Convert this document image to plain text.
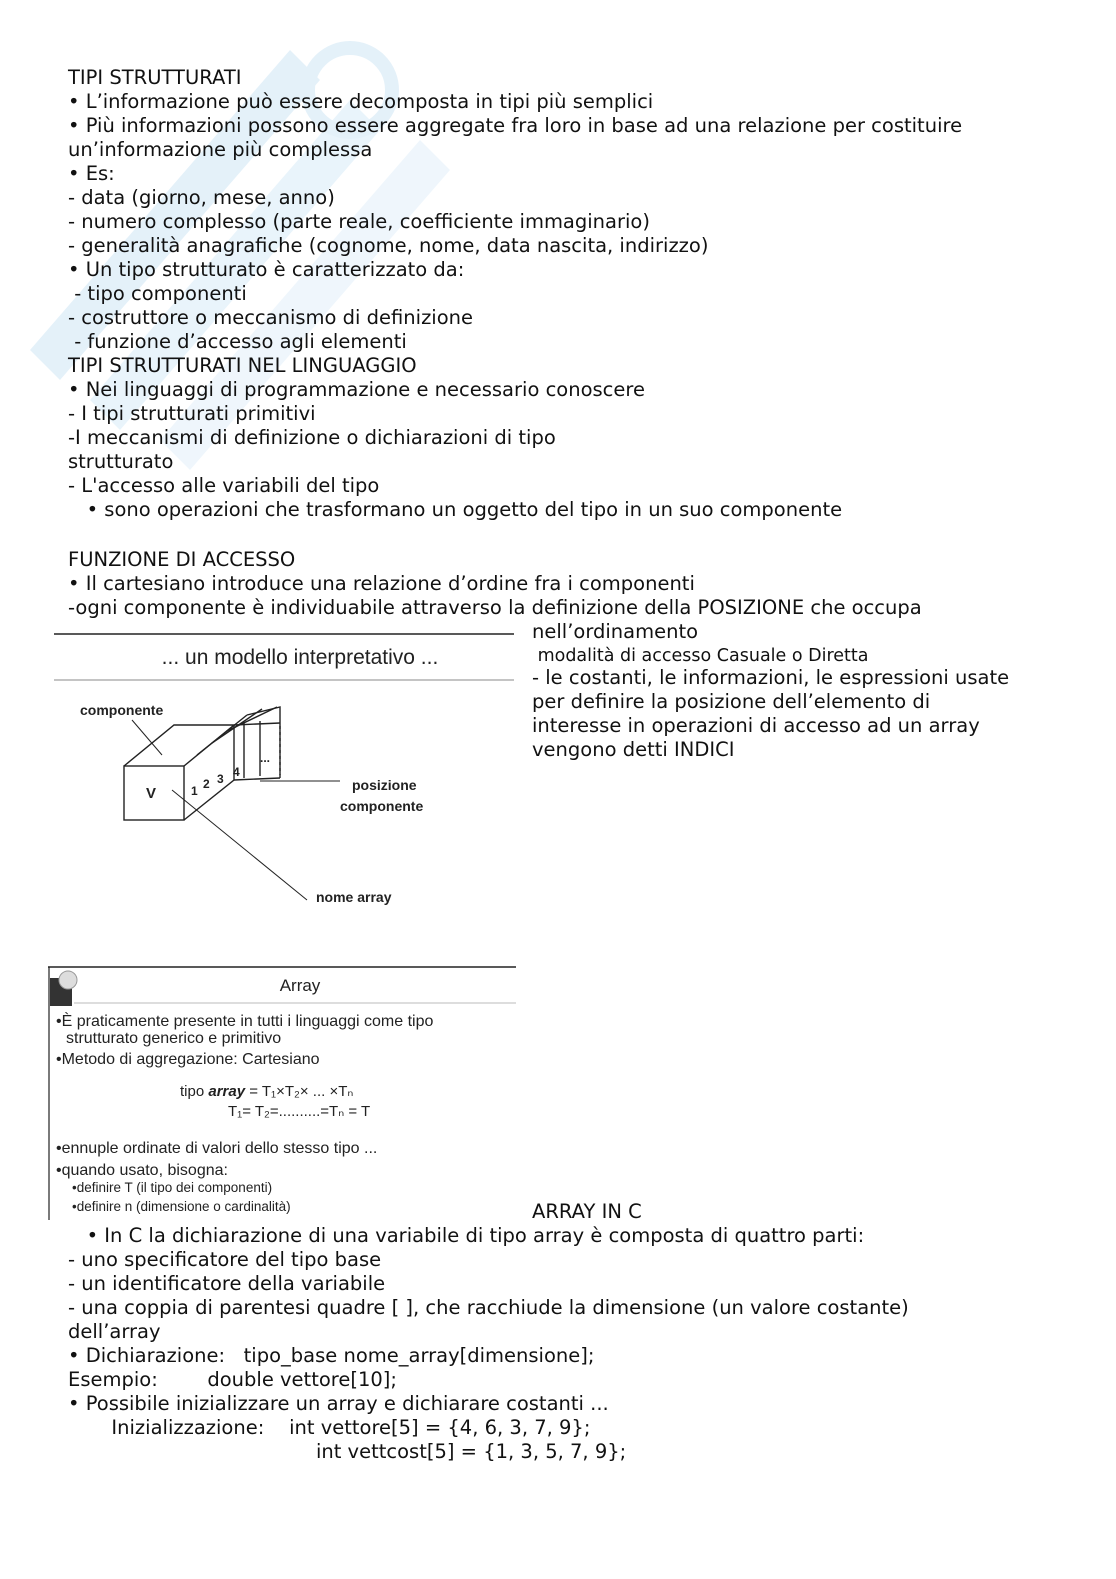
TIPI STRUTTURATI

• L’informazione può essere decomposta in tipi più semplici

• Più informazioni possono essere aggregate fra loro in base ad una relazione per costituire

un’informazione più complessa

• Es:

- data (giorno, mese, anno)

- numero complesso (parte reale, coefficiente immaginario)

- generalità anagrafiche (cognome, nome, data nascita, indirizzo)

• Un tipo strutturato è caratterizzato da:

- tipo componenti

- costruttore o meccanismo di definizione

- funzione d’accesso agli elementi

TIPI STRUTTURATI NEL LINGUAGGIO

• Nei linguaggi di programmazione e necessario conoscere

- I tipi strutturati primitivi

-I meccanismi di definizione o dichiarazioni di tipo

strutturato

- L'accesso alle variabili del tipo

• sono operazioni che trasformano un oggetto del tipo in un suo componente

FUNZIONE DI ACCESSO

• Il cartesiano introduce una relazione d’ordine fra i componenti

-ogni componente è individuabile attraverso la definizione della POSIZIONE che occupa

nell’ordinamento
modalità di accesso Casuale o Diretta
- le costanti, le informazioni, le espressioni usate
per definire la posizione dell’elemento di
interesse in operazioni di accesso ad un array
vengono detti INDICI
... un modello interpretativo ...
V	1 2 3 4
...
componente
posizione
componente
nome array
Array
•È praticamente presente in tutti i linguaggi come tipo
strutturato generico e primitivo
•Metodo di aggregazione: Cartesiano
tipo array = T₁×T₂× ... ×Tₙ
T₁= T₂=..........=Tₙ = T
•ennuple ordinate di valori dello stesso tipo ...
•quando usato, bisogna:
•definire T (il tipo dei componenti)
•definire n (dimensione o cardinalità)	ARRAY IN C

• In C la dichiarazione di una variabile di tipo array è composta di quattro parti:

- uno specificatore del tipo base

- un identificatore della variabile

- una coppia di parentesi quadre [ ], che racchiude la dimensione (un valore costante)

dell’array

• Dichiarazione:   tipo_base nome_array[dimensione];

Esempio:        double vettore[10];

• Possibile inizializzare un array e dichiarare costanti ...

Inizializzazione:    int vettore[5] = {4, 6, 3, 7, 9};

int vettcost[5] = {1, 3, 5, 7, 9};
